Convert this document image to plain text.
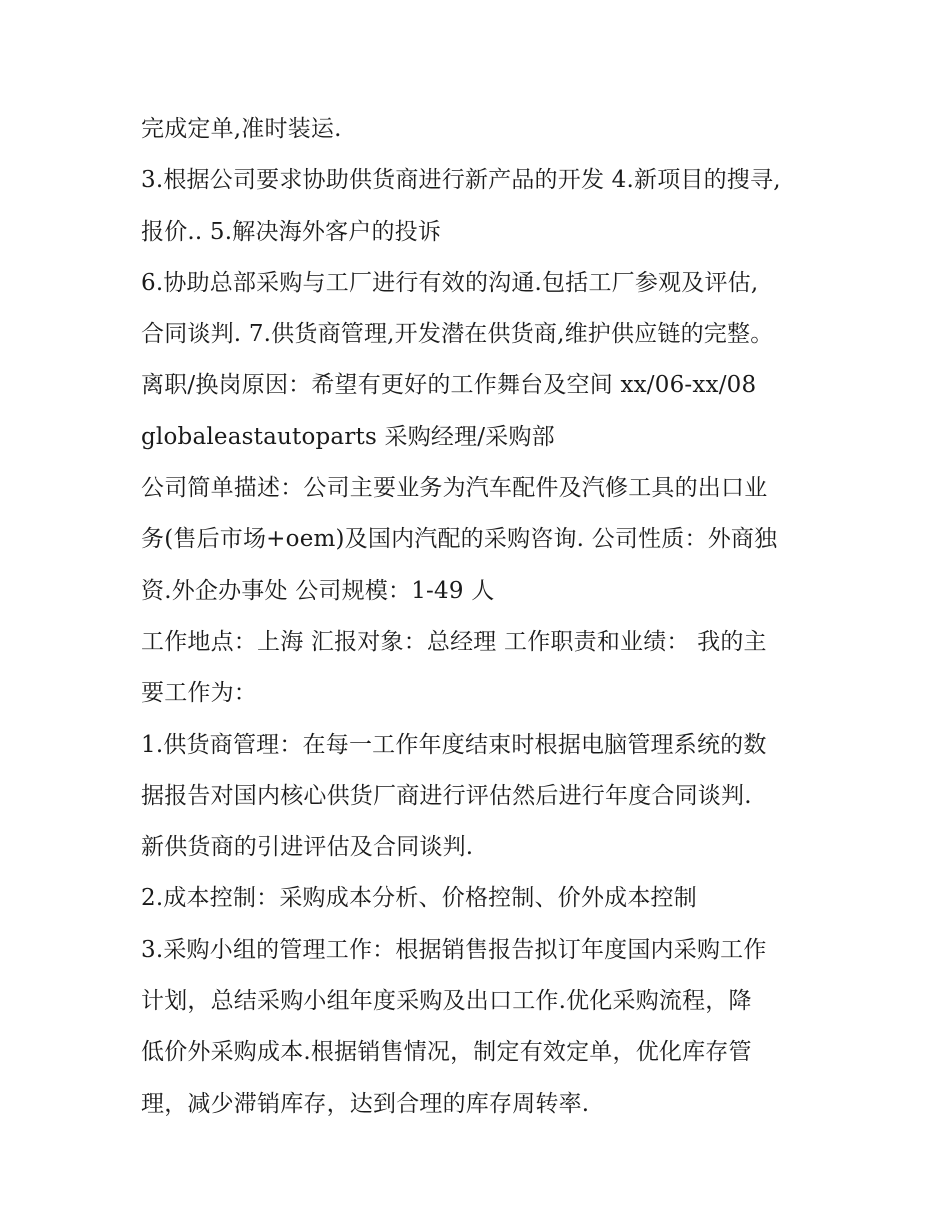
完成定单,准时装运.
3.根据公司要求协助供货商进行新产品的开发 4.新项目的搜寻,
报价.. 5.解决海外客户的投诉
6.协助总部采购与工厂进行有效的沟通.包括工厂参观及评估,
合同谈判. 7.供货商管理,开发潜在供货商,维护供应链的完整。
离职/换岗原因：希望有更好的工作舞台及空间 xx/06-xx/08
globaleastautoparts 采购经理/采购部
公司简单描述：公司主要业务为汽车配件及汽修工具的出口业
务(售后市场+oem)及国内汽配的采购咨询. 公司性质：外商独
资.外企办事处 公司规模：1-49 人
工作地点：上海 汇报对象：总经理 工作职责和业绩： 我的主
要工作为：
1.供货商管理：在每一工作年度结束时根据电脑管理系统的数
据报告对国内核心供货厂商进行评估然后进行年度合同谈判.
新供货商的引进评估及合同谈判.
2.成本控制：采购成本分析、价格控制、价外成本控制
3.采购小组的管理工作：根据销售报告拟订年度国内采购工作
计划，总结采购小组年度采购及出口工作.优化采购流程，降
低价外采购成本.根据销售情况，制定有效定单，优化库存管
理，减少滞销库存，达到合理的库存周转率.
